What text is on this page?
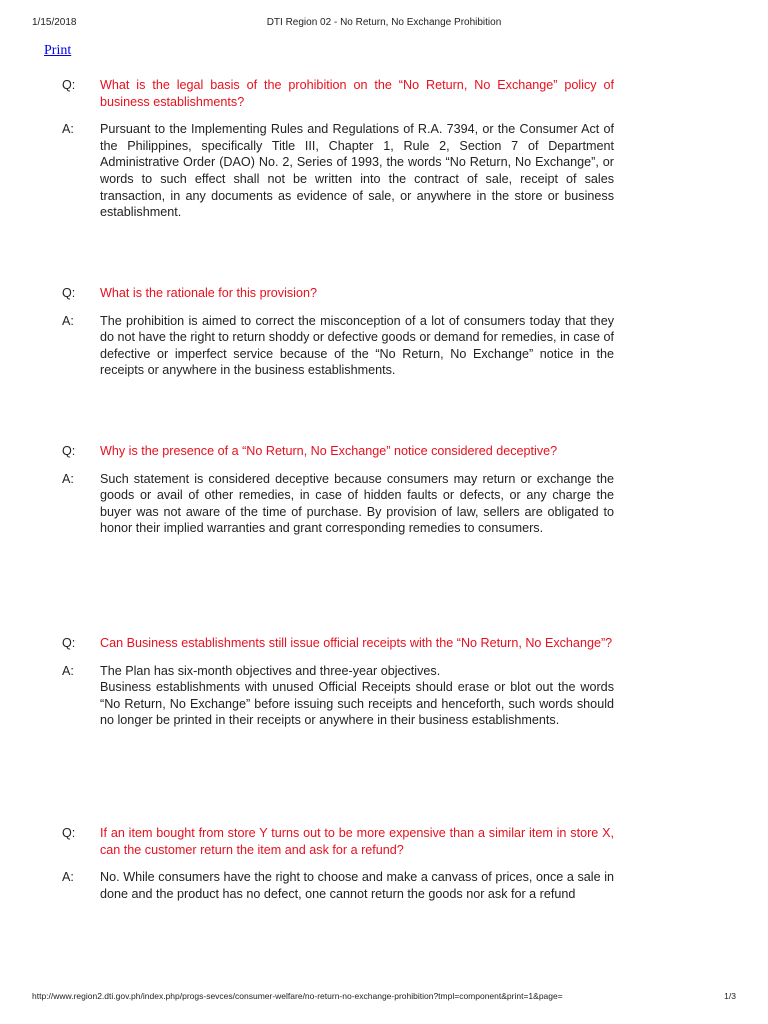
1/15/2018	DTI Region 02 - No Return, No Exchange Prohibition
Print
Q:	What is the legal basis of the prohibition on the “No Return, No Exchange” policy of business establishments?
A:	Pursuant to the Implementing Rules and Regulations of R.A. 7394, or the Consumer Act of the Philippines, specifically Title III, Chapter 1, Rule 2, Section 7 of Department Administrative Order (DAO) No. 2, Series of 1993, the words “No Return, No Exchange”, or words to such effect shall not be written into the contract of sale, receipt of sales transaction, in any documents as evidence of sale, or anywhere in the store or business establishment.
Q:	What is the rationale for this provision?
A:	The prohibition is aimed to correct the misconception of a lot of consumers today that they do not have the right to return shoddy or defective goods or demand for remedies, in case of defective or imperfect service because of the “No Return, No Exchange” notice in the receipts or anywhere in the business establishments.
Q:	Why is the presence of a “No Return, No Exchange” notice considered deceptive?
A:	Such statement is considered deceptive because consumers may return or exchange the goods or avail of other remedies, in case of hidden faults or defects, or any charge the buyer was not aware of the time of purchase. By provision of law, sellers are obligated to honor their implied warranties and grant corresponding remedies to consumers.
Q:	Can Business establishments still issue official receipts with the “No Return, No Exchange”?
A:	The Plan has six-month objectives and three-year objectives.
Business establishments with unused Official Receipts should erase or blot out the words “No Return, No Exchange” before issuing such receipts and henceforth, such words should no longer be printed in their receipts or anywhere in their business establishments.
Q:	If an item bought from store Y turns out to be more expensive than a similar item in store X, can the customer return the item and ask for a refund?
A:	No. While consumers have the right to choose and make a canvass of prices, once a sale in done and the product has no defect, one cannot return the goods nor ask for a refund
http://www.region2.dti.gov.ph/index.php/progs-sevces/consumer-welfare/no-return-no-exchange-prohibition?tmpl=component&print=1&page=	1/3
